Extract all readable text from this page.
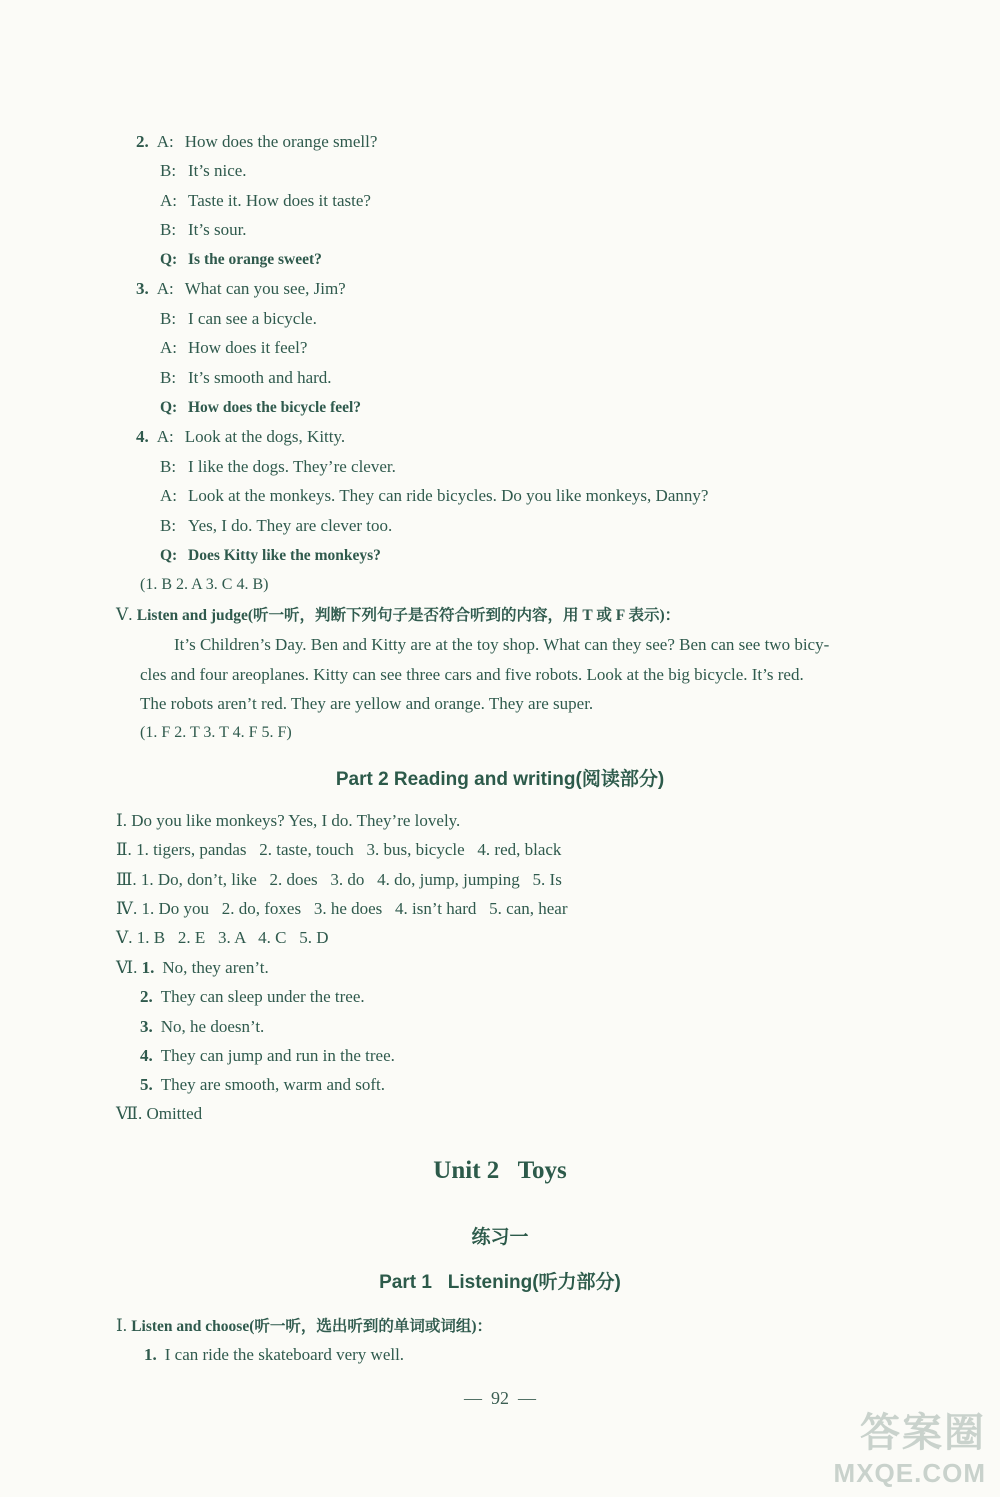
2. A: How does the orange smell?
B: It’s nice.
A: Taste it. How does it taste?
B: It’s sour.
Q: Is the orange sweet?
3. A: What can you see, Jim?
B: I can see a bicycle.
A: How does it feel?
B: It’s smooth and hard.
Q: How does the bicycle feel?
4. A: Look at the dogs, Kitty.
B: I like the dogs. They’re clever.
A: Look at the monkeys. They can ride bicycles. Do you like monkeys, Danny?
B: Yes, I do. They are clever too.
Q: Does Kitty like the monkeys?
(1. B 2. A 3. C 4. B)
Ⅴ. Listen and judge(听一听，判断下列句子是否符合听到的内容，用 T 或 F 表示)：
It’s Children’s Day. Ben and Kitty are at the toy shop. What can they see? Ben can see two bicy-
cles and four areoplanes. Kitty can see three cars and five robots. Look at the big bicycle. It’s red.
The robots aren’t red. They are yellow and orange. They are super.
(1. F 2. T 3. T 4. F 5. F)
Part 2 Reading and writing(阅读部分)
Ⅰ. Do you like monkeys? Yes, I do. They’re lovely.
Ⅱ. 1. tigers, pandas   2. taste, touch   3. bus, bicycle   4. red, black
Ⅲ. 1. Do, don’t, like   2. does   3. do   4. do, jump, jumping   5. Is
Ⅳ. 1. Do you   2. do, foxes   3. he does   4. isn’t hard   5. can, hear
Ⅴ. 1. B   2. E   3. A   4. C   5. D
Ⅵ. 1. No, they aren’t.
2. They can sleep under the tree.
3. No, he doesn’t.
4. They can jump and run in the tree.
5. They are smooth, warm and soft.
Ⅶ. Omitted
Unit 2   Toys
练习一
Part 1   Listening(听力部分)
Ⅰ. Listen and choose(听一听，选出听到的单词或词组)：
1. I can ride the skateboard very well.
—  92  —
答案圈
MXQE.COM
